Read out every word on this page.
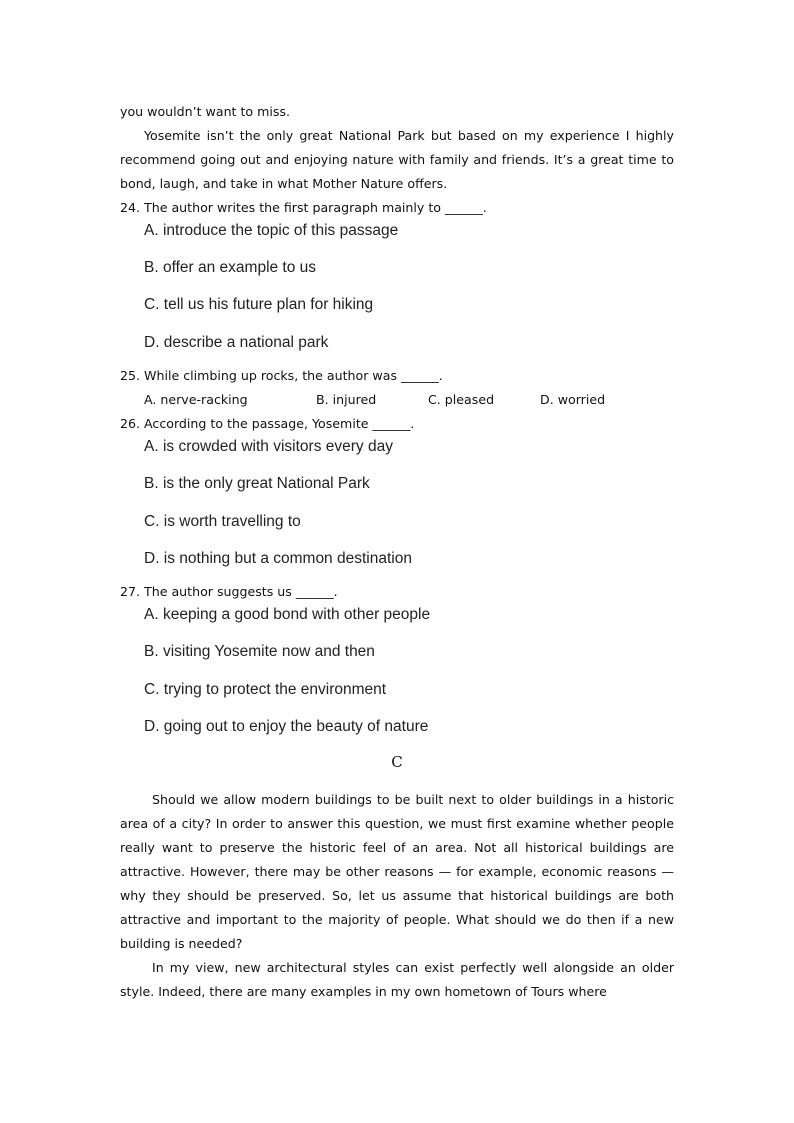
you wouldn’t want to miss.

Yosemite isn’t the only great National Park but based on my experience I highly recommend going out and enjoying nature with family and friends. It’s a great time to bond, laugh, and take in what Mother Nature offers.

24. The author writes the first paragraph mainly to ______.

A. introduce the topic of this passage

B. offer an example to us

C. tell us his future plan for hiking

D. describe a national park

25. While climbing up rocks, the author was ______.

A. nerve-racking	B. injured	C. pleased	D. worried

26. According to the passage, Yosemite ______.

A. is crowded with visitors every day

B. is the only great National Park

C. is worth travelling to

D. is nothing but a common destination

27. The author suggests us ______.

A. keeping a good bond with other people

B. visiting Yosemite now and then

C. trying to protect the environment

D. going out to enjoy the beauty of nature

C

Should we allow modern buildings to be built next to older buildings in a historic area of a city? In order to answer this question, we must first examine whether people really want to preserve the historic feel of an area. Not all historical buildings are attractive. However, there may be other reasons — for example, economic reasons — why they should be preserved. So, let us assume that historical buildings are both attractive and important to the majority of people. What should we do then if a new building is needed?

In my view, new architectural styles can exist perfectly well alongside an older style. Indeed, there are many examples in my own hometown of Tours where
